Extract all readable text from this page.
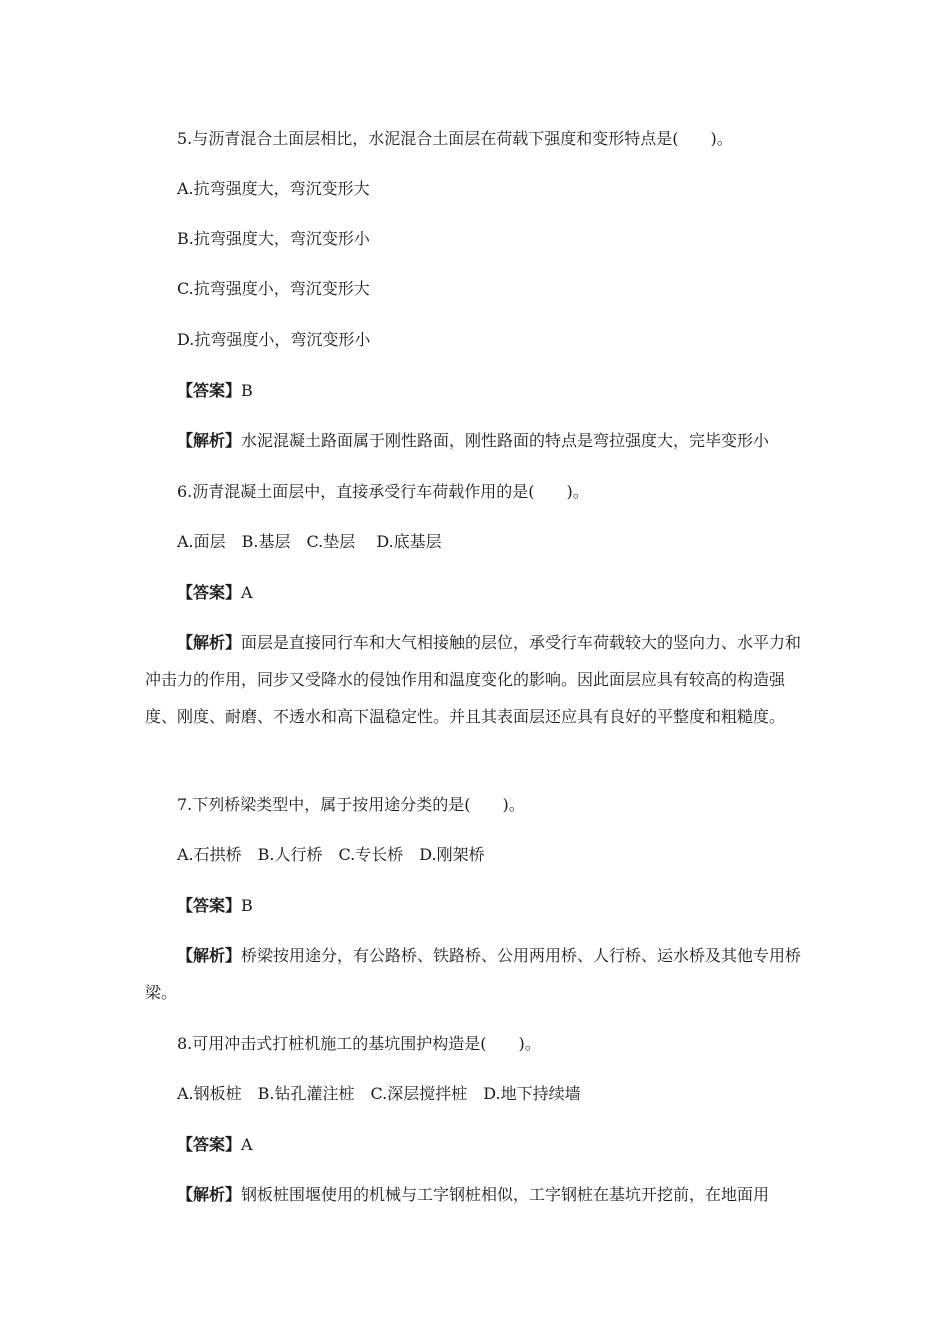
5.与沥青混合土面层相比，水泥混合土面层在荷载下强度和变形特点是(　　)。
A.抗弯强度大，弯沉变形大
B.抗弯强度大，弯沉变形小
C.抗弯强度小，弯沉变形大
D.抗弯强度小，弯沉变形小
【答案】B
【解析】水泥混凝土路面属于刚性路面，刚性路面的特点是弯拉强度大，完毕变形小
6.沥青混凝土面层中，直接承受行车荷载作用的是(　　)。
A.面层　B.基层　C.垫层　 D.底基层
【答案】A
【解析】面层是直接同行车和大气相接触的层位，承受行车荷载较大的竖向力、水平力和冲击力的作用，同步又受降水的侵蚀作用和温度变化的影响。因此面层应具有较高的构造强度、刚度、耐磨、不透水和高下温稳定性。并且其表面层还应具有良好的平整度和粗糙度。
7.下列桥梁类型中，属于按用途分类的是(　　)。
A.石拱桥　B.人行桥　C.专长桥　D.刚架桥
【答案】B
【解析】桥梁按用途分，有公路桥、铁路桥、公用两用桥、人行桥、运水桥及其他专用桥梁。
8.可用冲击式打桩机施工的基坑围护构造是(　　)。
A.钢板桩　B.钻孔灌注桩　C.深层搅拌桩　D.地下持续墙
【答案】A
【解析】钢板桩围堰使用的机械与工字钢桩相似，工字钢桩在基坑开挖前，在地面用
